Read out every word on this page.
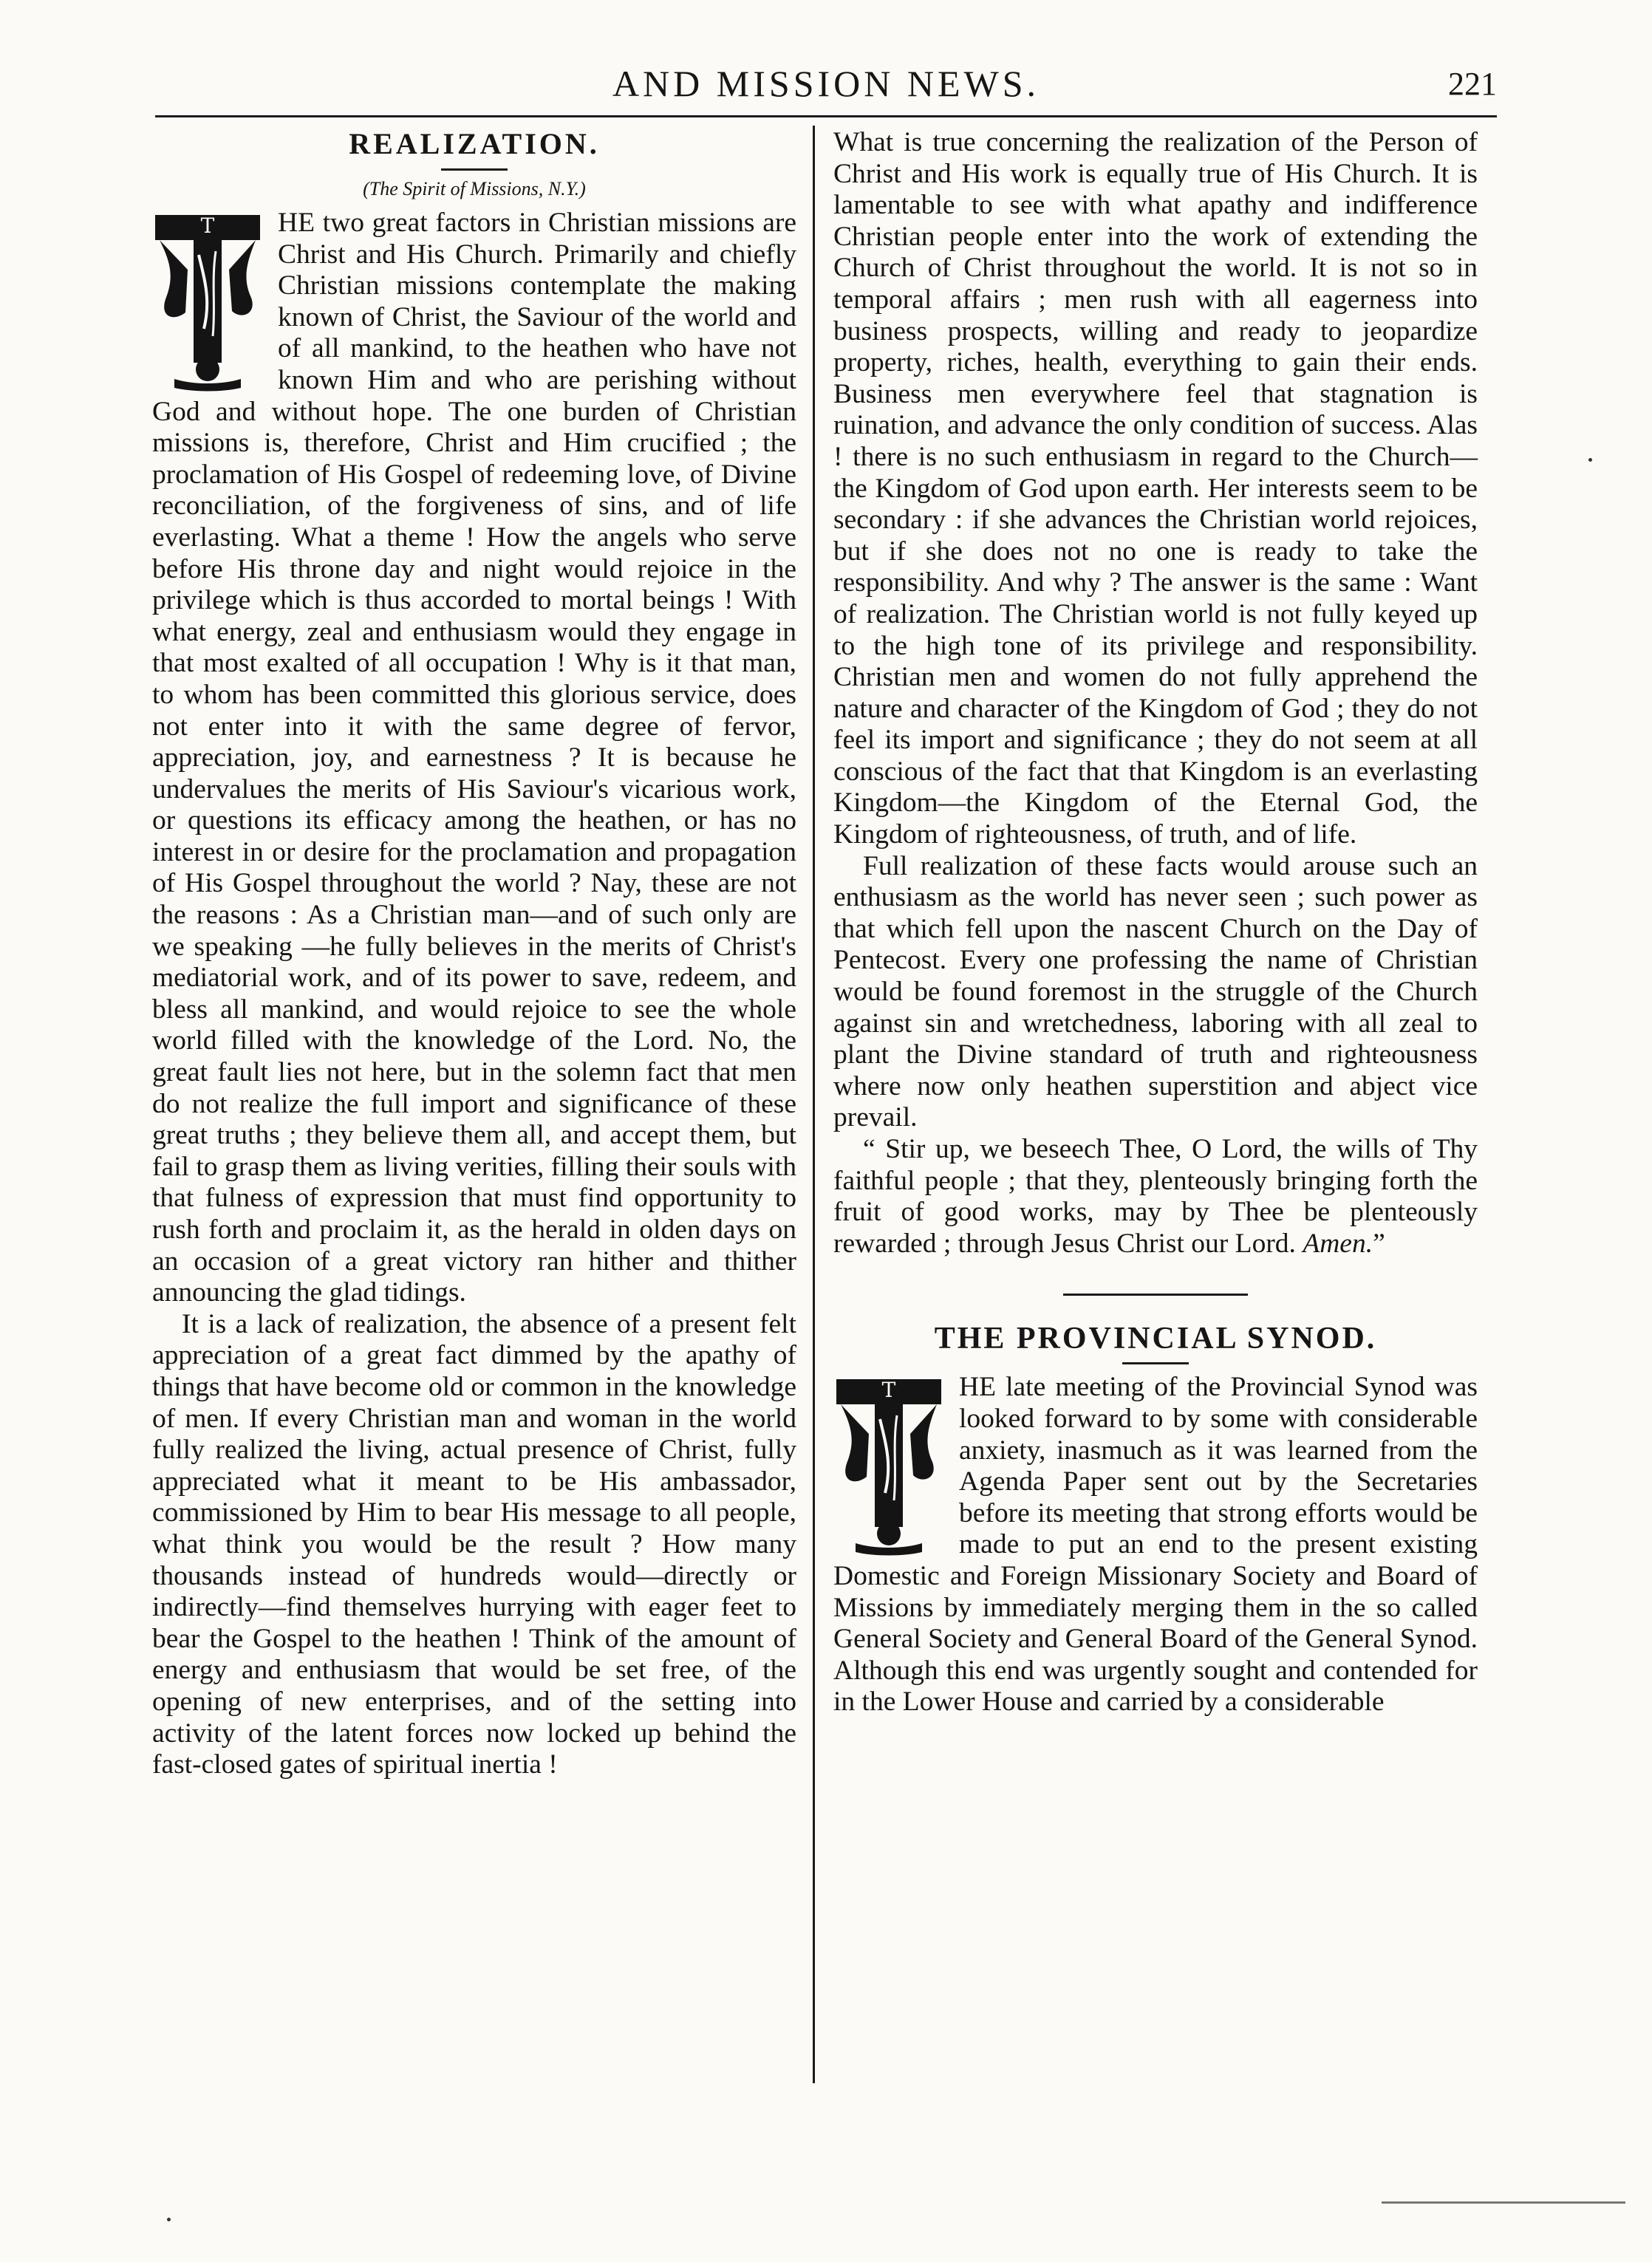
AND MISSION NEWS.	221
REALIZATION.
(The Spirit of Missions, N.Y.)
T	HE two great factors in Christian missions are Christ and His Church. Primarily and chiefly Christian missions contemplate the making known of Christ, the Saviour of the world and of all mankind, to the heathen who have not known Him and who are perishing without God and without hope. The one burden of Christian missions is, therefore, Christ and Him crucified ; the proclamation of His Gospel of redeeming love, of Divine reconciliation, of the forgiveness of sins, and of life everlasting. What a theme ! How the angels who serve before His throne day and night would rejoice in the privilege which is thus accorded to mortal beings ! With what energy, zeal and enthusiasm would they engage in that most exalted of all occupation ! Why is it that man, to whom has been committed this glorious service, does not enter into it with the same degree of fervor, appreciation, joy, and earnestness ? It is because he undervalues the merits of His Saviour's vicarious work, or questions its efficacy among the heathen, or has no interest in or desire for the proclamation and propagation of His Gospel throughout the world ? Nay, these are not the reasons : As a Christian man—and of such only are we speaking —he fully believes in the merits of Christ's mediatorial work, and of its power to save, redeem, and bless all mankind, and would rejoice to see the whole world filled with the knowledge of the Lord. No, the great fault lies not here, but in the solemn fact that men do not realize the full import and significance of these great truths ; they believe them all, and accept them, but fail to grasp them as living verities, filling their souls with that fulness of expression that must find opportunity to rush forth and proclaim it, as the herald in olden days on an occasion of a great victory ran hither and thither announcing the glad tidings.

It is a lack of realization, the absence of a present felt appreciation of a great fact dimmed by the apathy of things that have become old or common in the knowledge of men. If every Christian man and woman in the world fully realized the living, actual presence of Christ, fully appreciated what it meant to be His ambassador, commissioned by Him to bear His message to all people, what think you would be the result ? How many thousands instead of hundreds would—directly or indirectly—find themselves hurrying with eager feet to bear the Gospel to the heathen ! Think of the amount of energy and enthusiasm that would be set free, of the opening of new enterprises, and of the setting into activity of the latent forces now locked up behind the fast-closed gates of spiritual inertia !

What is true concerning the realization of the Person of Christ and His work is equally true of His Church. It is lamentable to see with what apathy and indifference Christian people enter into the work of extending the Church of Christ throughout the world. It is not so in temporal affairs ; men rush with all eagerness into business prospects, willing and ready to jeopardize property, riches, health, everything to gain their ends. Business men everywhere feel that stagnation is ruination, and advance the only condition of success. Alas ! there is no such enthusiasm in regard to the Church—the Kingdom of God upon earth. Her interests seem to be secondary : if she advances the Christian world rejoices, but if she does not no one is ready to take the responsibility. And why ? The answer is the same : Want of realization. The Christian world is not fully keyed up to the high tone of its privilege and responsibility. Christian men and women do not fully apprehend the nature and character of the Kingdom of God ; they do not feel its import and significance ; they do not seem at all conscious of the fact that that Kingdom is an everlasting Kingdom—the Kingdom of the Eternal God, the Kingdom of righteousness, of truth, and of life.

Full realization of these facts would arouse such an enthusiasm as the world has never seen ; such power as that which fell upon the nascent Church on the Day of Pentecost. Every one professing the name of Christian would be found foremost in the struggle of the Church against sin and wretchedness, laboring with all zeal to plant the Divine standard of truth and righteousness where now only heathen superstition and abject vice prevail.

“ Stir up, we beseech Thee, O Lord, the wills of Thy faithful people ; that they, plenteously bringing forth the fruit of good works, may by Thee be plenteously rewarded ; through Jesus Christ our Lord. Amen.”

THE PROVINCIAL SYNOD.
T	HE late meeting of the Provincial Synod was looked forward to by some with considerable anxiety, inasmuch as it was learned from the Agenda Paper sent out by the Secretaries before its meeting that strong efforts would be made to put an end to the present existing Domestic and Foreign Missionary Society and Board of Missions by immediately merging them in the so called General Society and General Board of the General Synod. Although this end was urgently sought and contended for in the Lower House and carried by a considerable
